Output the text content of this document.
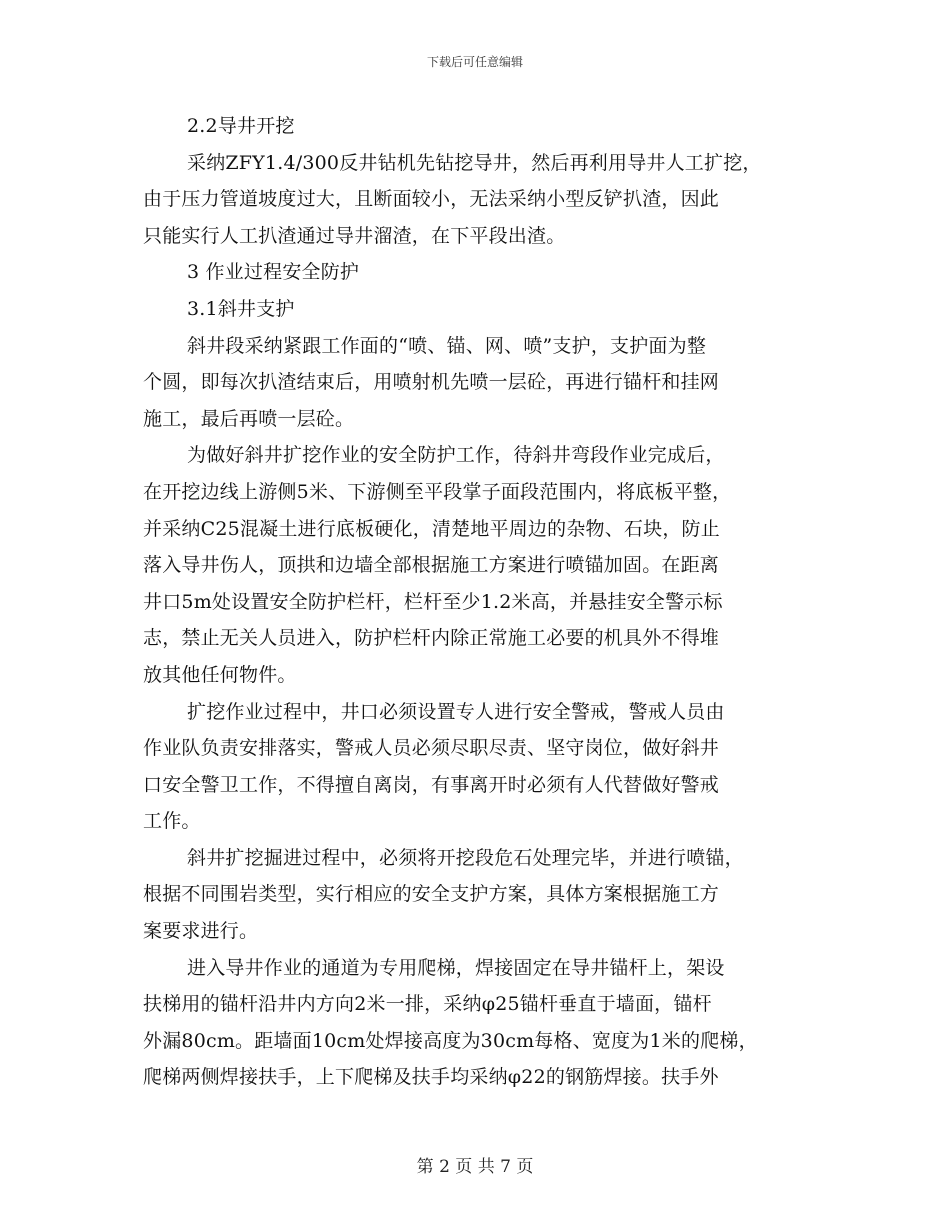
下载后可任意编辑
2.2导井开挖
采纳ZFY1.4/300反井钻机先钻挖导井，然后再利用导井人工扩挖，
由于压力管道坡度过大，且断面较小，无法采纳小型反铲扒渣，因此
只能实行人工扒渣通过导井溜渣，在下平段出渣。
3 作业过程安全防护
3.1斜井支护
斜井段采纳紧跟工作面的“喷、锚、网、喷”支护，支护面为整
个圆，即每次扒渣结束后，用喷射机先喷一层砼，再进行锚杆和挂网
施工，最后再喷一层砼。
为做好斜井扩挖作业的安全防护工作，待斜井弯段作业完成后，
在开挖边线上游侧5米、下游侧至平段掌子面段范围内，将底板平整，
并采纳C25混凝土进行底板硬化，清楚地平周边的杂物、石块，防止
落入导井伤人，顶拱和边墙全部根据施工方案进行喷锚加固。在距离
井口5m处设置安全防护栏杆，栏杆至少1.2米高，并悬挂安全警示标
志，禁止无关人员进入，防护栏杆内除正常施工必要的机具外不得堆
放其他任何物件。
扩挖作业过程中，井口必须设置专人进行安全警戒，警戒人员由
作业队负责安排落实，警戒人员必须尽职尽责、坚守岗位，做好斜井
口安全警卫工作，不得擅自离岗，有事离开时必须有人代替做好警戒
工作。
斜井扩挖掘进过程中，必须将开挖段危石处理完毕，并进行喷锚，
根据不同围岩类型，实行相应的安全支护方案，具体方案根据施工方
案要求进行。
进入导井作业的通道为专用爬梯，焊接固定在导井锚杆上，架设
扶梯用的锚杆沿井内方向2米一排，采纳φ25锚杆垂直于墙面，锚杆
外漏80cm。距墙面10cm处焊接高度为30cm每格、宽度为1米的爬梯，
爬梯两侧焊接扶手，上下爬梯及扶手均采纳φ22的钢筋焊接。扶手外
第 2 页 共 7 页
